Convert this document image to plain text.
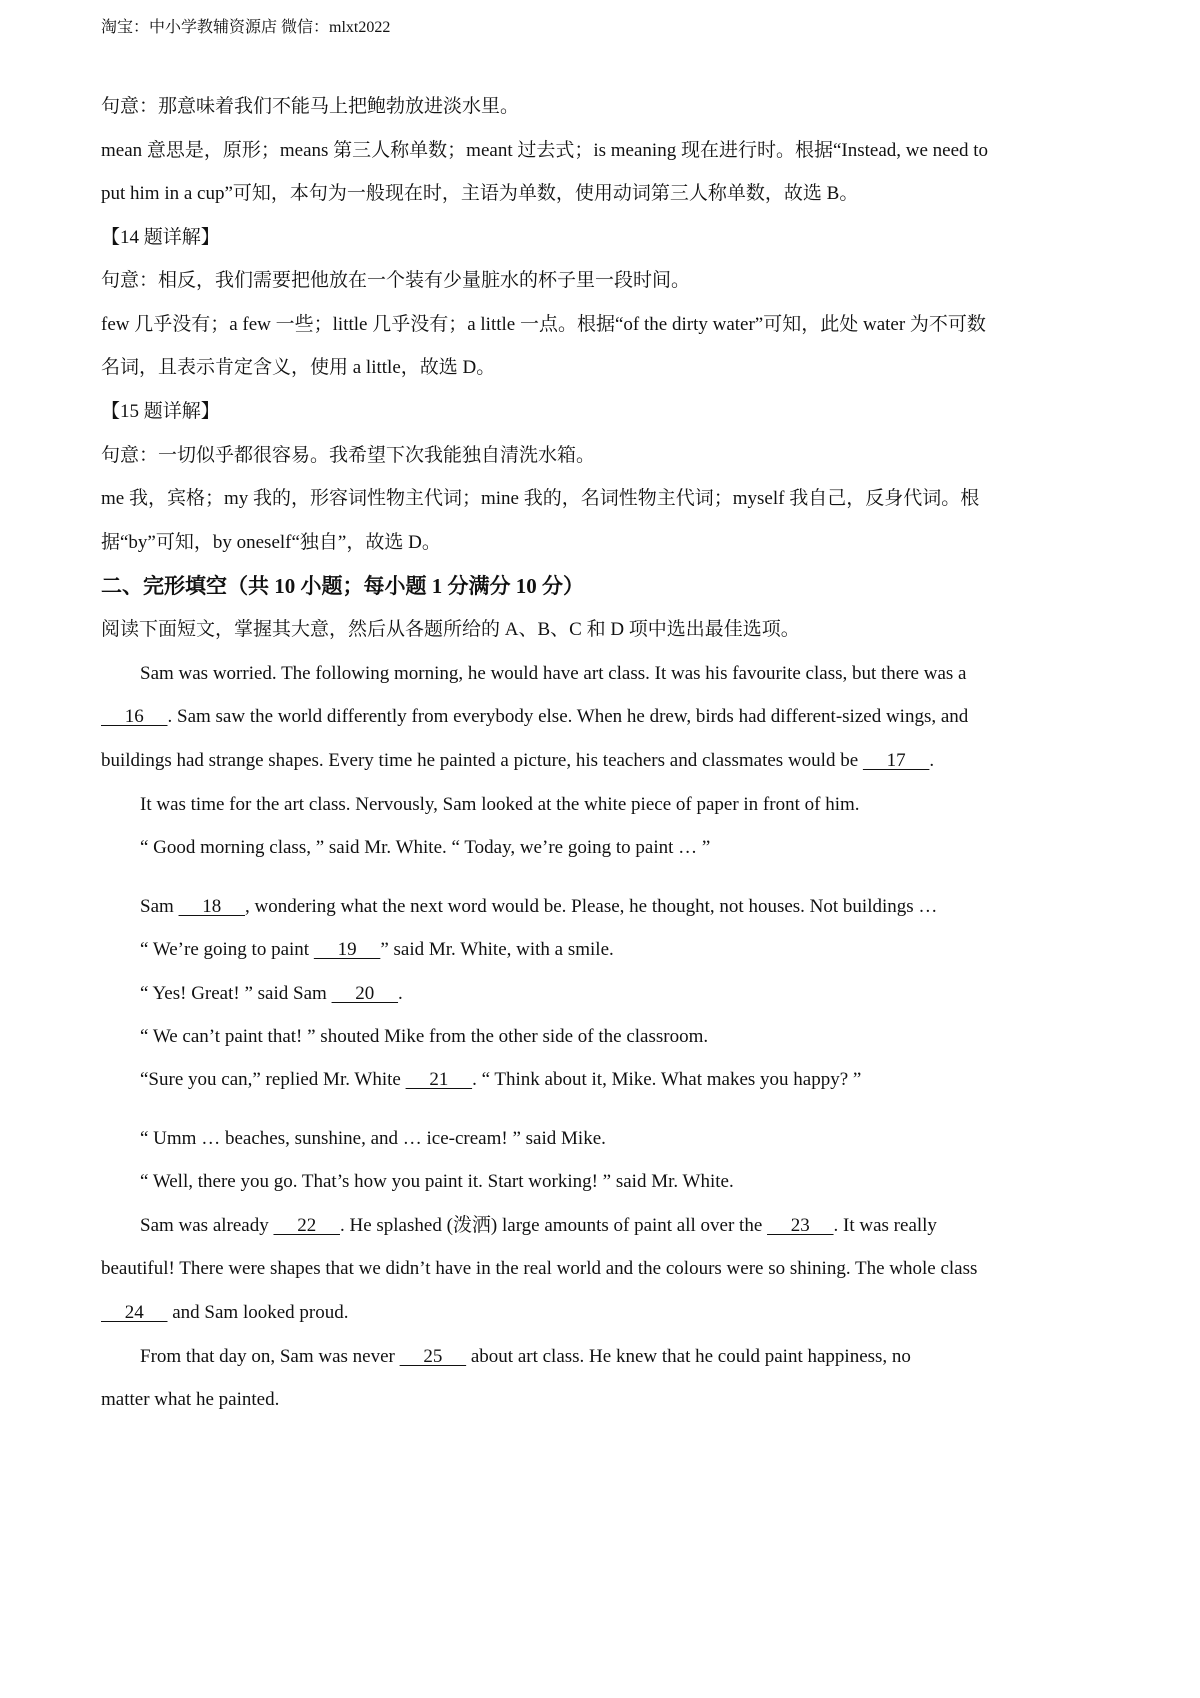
淘宝：中小学教辅资源店 微信：mlxt2022
句意：那意味着我们不能马上把鲍勃放进淡水里。
mean 意思是，原形；means 第三人称单数；meant 过去式；is meaning 现在进行时。根据“Instead, we need to
put him in a cup”可知，本句为一般现在时，主语为单数，使用动词第三人称单数，故选 B。
【14 题详解】
句意：相反，我们需要把他放在一个装有少量脏水的杯子里一段时间。
few 几乎没有；a few 一些；little 几乎没有；a little 一点。根据“of the dirty water”可知，此处 water 为不可数
名词，且表示肯定含义，使用 a little，故选 D。
【15 题详解】
句意：一切似乎都很容易。我希望下次我能独自清洗水箱。
me 我，宾格；my 我的，形容词性物主代词；mine 我的，名词性物主代词；myself 我自己，反身代词。根
据“by”可知，by oneself“独自”，故选 D。
二、完形填空（共 10 小题；每小题 1 分满分 10 分）
阅读下面短文，掌握其大意，然后从各题所给的 A、B、C 和 D 项中选出最佳选项。
Sam was worried. The following morning, he would have art class. It was his favourite class, but there was a
16     . Sam saw the world differently from everybody else. When he drew, birds had different-sized wings, and
buildings had strange shapes. Every time he painted a picture, his teachers and classmates would be      17     .
It was time for the art class. Nervously, Sam looked at the white piece of paper in front of him.
“ Good morning class, ” said Mr. White. “ Today, we’re going to paint … ”
Sam      18     , wondering what the next word would be. Please, he thought, not houses. Not buildings …
“ We’re going to paint      19     ” said Mr. White, with a smile.
“ Yes! Great! ” said Sam      20     .
“ We can’t paint that! ” shouted Mike from the other side of the classroom.
“Sure you can,” replied Mr. White      21     . “ Think about it, Mike. What makes you happy? ”
“ Umm … beaches, sunshine, and … ice-cream! ” said Mike.
“ Well, there you go. That’s how you paint it. Start working! ” said Mr. White.
Sam was already      22     . He splashed (泼洒) large amounts of paint all over the      23     . It was really
beautiful! There were shapes that we didn’t have in the real world and the colours were so shining. The whole class
24      and Sam looked proud.
From that day on, Sam was never      25      about art class. He knew that he could paint happiness, no
matter what he painted.
